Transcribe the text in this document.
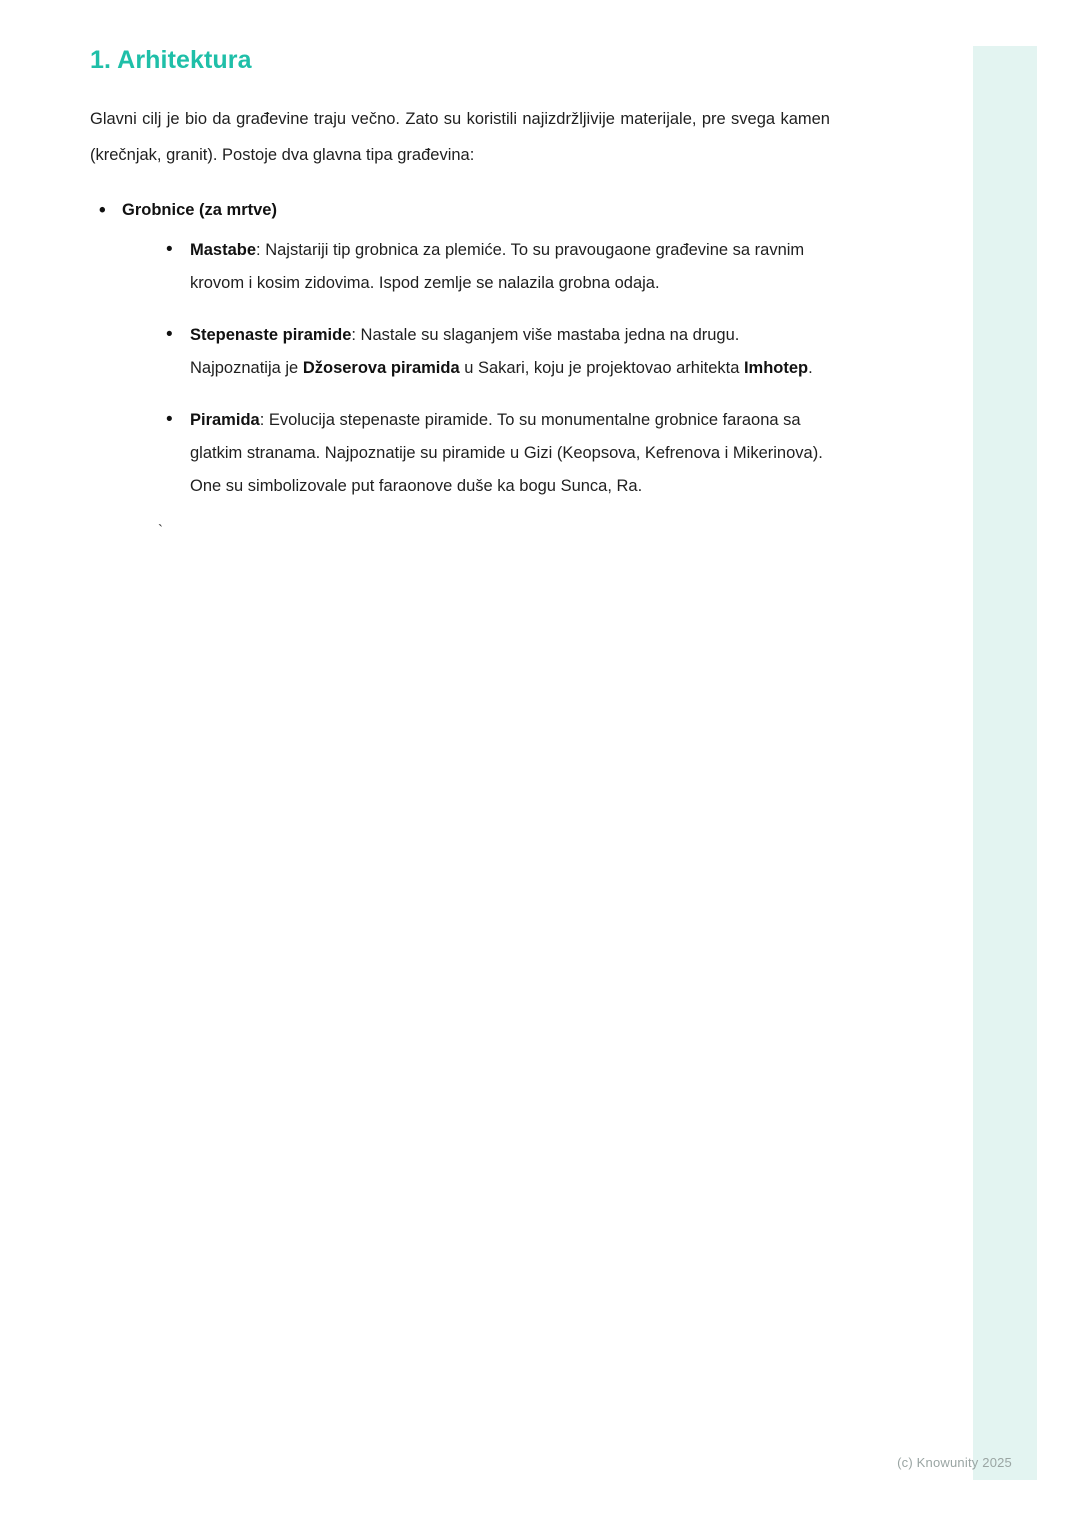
1. Arhitektura

Glavni cilj je bio da građevine traju večno. Zato su koristili najizdržljivije materijale, pre svega kamen (krečnjak, granit). Postoje dva glavna tipa građevina:

• Grobnice (za mrtve)
• Mastabe: Najstariji tip grobnica za plemiće. To su pravougaone građevine sa ravnim krovom i kosim zidovima. Ispod zemlje se nalazila grobna odaja.
• Stepenaste piramide: Nastale su slaganjem više mastaba jedna na drugu. Najpoznatija je Džoserova piramida u Sakari, koju je projektovao arhitekta Imhotep.
• Piramida: Evolucija stepenaste piramide. To su monumentalne grobnice faraona sa glatkim stranama. Najpoznatije su piramide u Gizi (Keopsova, Kefrenova i Mikerinova). One su simbolizovale put faraonove duše ka bogu Sunca, Ra.
`
(c) Knowunity 2025
